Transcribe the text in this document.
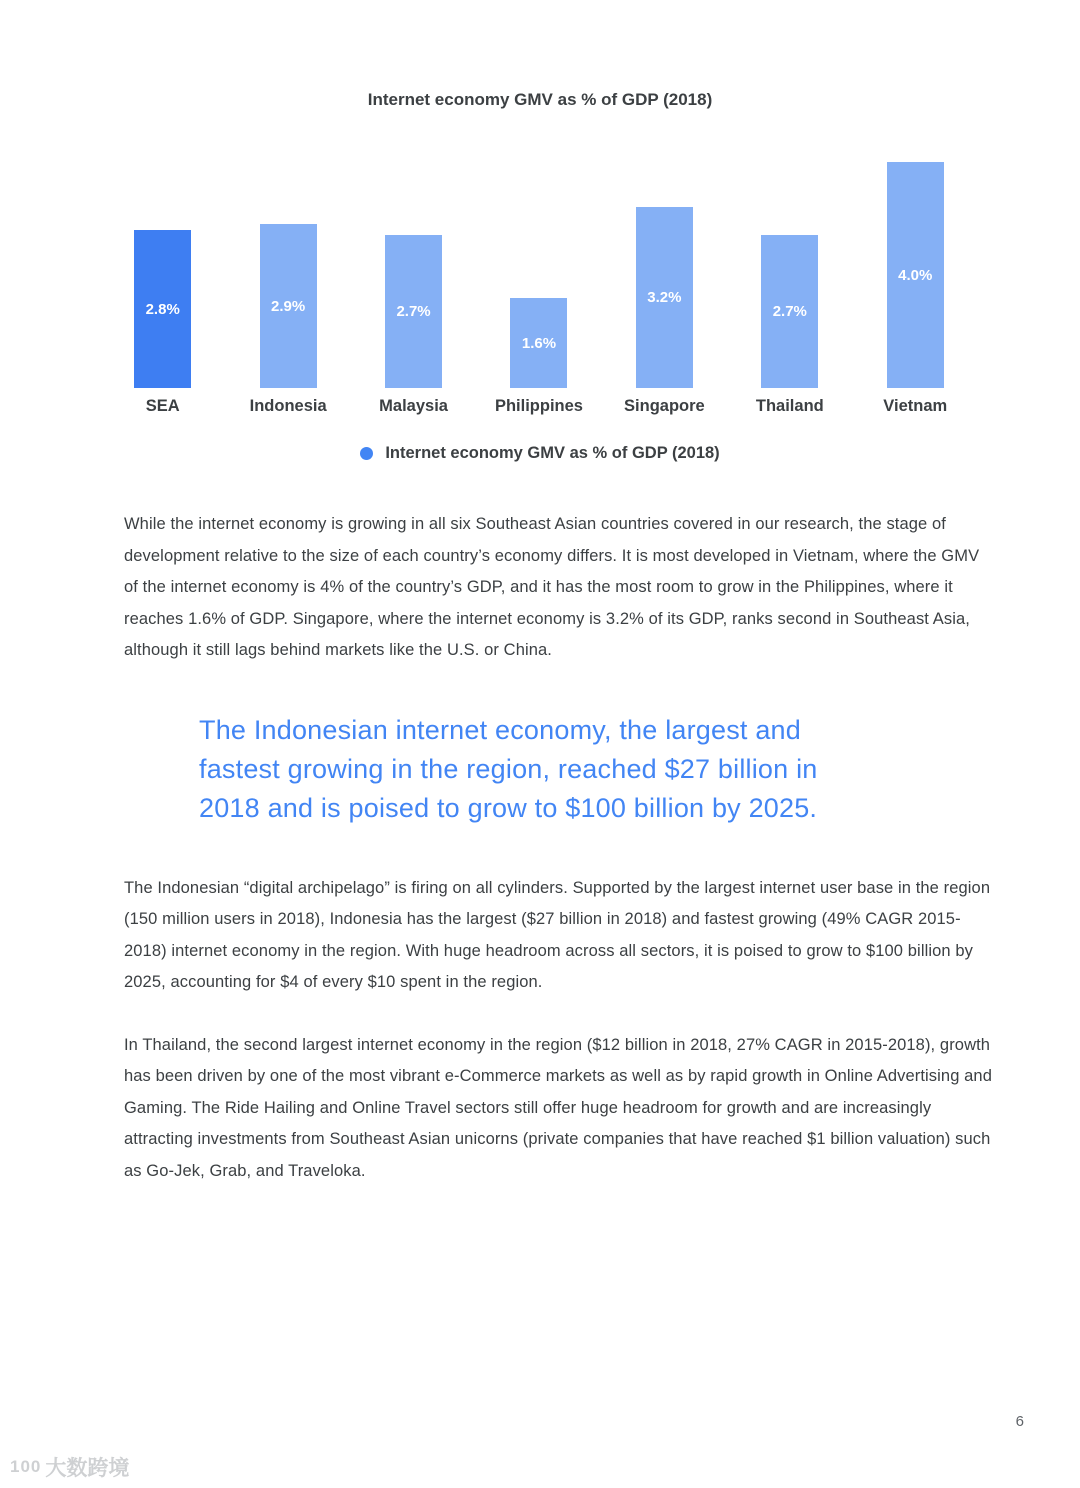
Internet economy GMV as % of GDP (2018)
2.8%
SEA
2.9%
Indonesia
2.7%
Malaysia
1.6%
Philippines
3.2%
Singapore
2.7%
Thailand
4.0%
Vietnam
Internet economy GMV as % of GDP (2018)

While the internet economy is growing in all six Southeast Asian countries covered in our research, the stage of development relative to the size of each country’s economy differs. It is most developed in Vietnam, where the GMV of the internet economy is 4% of the country’s GDP, and it has the most room to grow in the Philippines, where it reaches 1.6% of GDP. Singapore, where the internet economy is 3.2% of its GDP, ranks second in Southeast Asia, although it still lags behind markets like the U.S. or China.

The Indonesian internet economy, the largest and fastest growing in the region, reached $27 billion in 2018 and is poised to grow to $100 billion by 2025.

The Indonesian “digital archipelago” is firing on all cylinders. Supported by the largest internet user base in the region (150 million users in 2018), Indonesia has the largest ($27 billion in 2018) and fastest growing (49% CAGR 2015-2018) internet economy in the region. With huge headroom across all sectors, it is poised to grow to $100 billion by 2025, accounting for $4 of every $10 spent in the region.

In Thailand, the second largest internet economy in the region ($12 billion in 2018, 27% CAGR in 2015-2018), growth has been driven by one of the most vibrant e-Commerce markets as well as by rapid growth in Online Advertising and Gaming. The Ride Hailing and Online Travel sectors still offer huge headroom for growth and are increasingly attracting investments from Southeast Asian unicorns (private companies that have reached $1 billion valuation) such as Go-Jek, Grab, and Traveloka.

6
100 大数跨境
